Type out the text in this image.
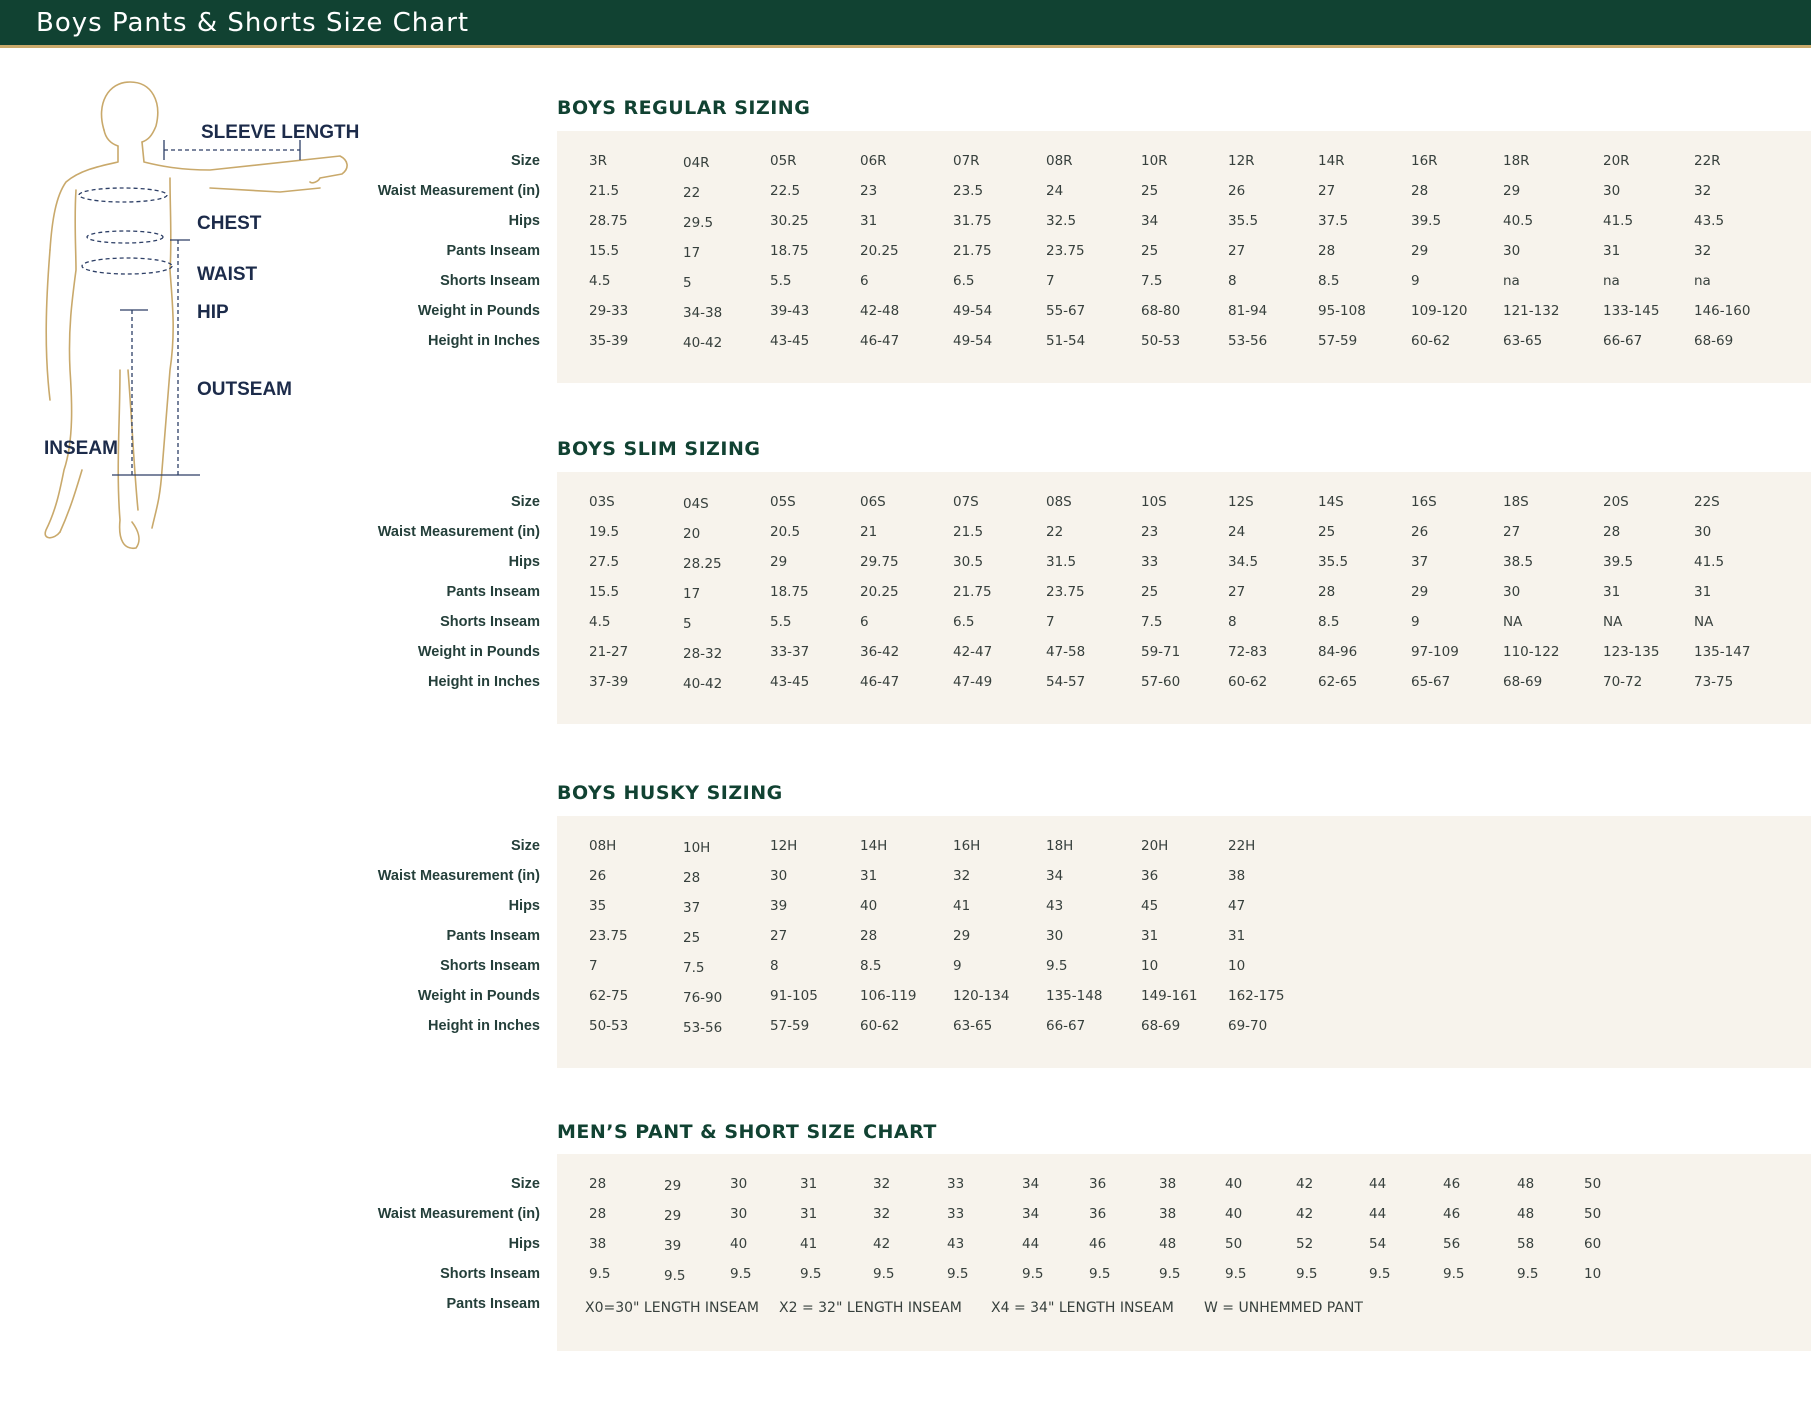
Boys Pants & Shorts Size Chart
SLEEVE LENGTH
CHEST
WAIST
HIP
OUTSEAM
INSEAM
BOYS REGULAR SIZING
Size	3R	04R	05R	06R	07R	08R	10R	12R	14R	16R	18R	20R	22R
Waist Measurement (in)	21.5	22	22.5	23	23.5	24	25	26	27	28	29	30	32
Hips	28.75	29.5	30.25	31	31.75	32.5	34	35.5	37.5	39.5	40.5	41.5	43.5
Pants Inseam	15.5	17	18.75	20.25	21.75	23.75	25	27	28	29	30	31	32
Shorts Inseam	4.5	5	5.5	6	6.5	7	7.5	8	8.5	9	na	na	na
Weight in Pounds	29-33	34-38	39-43	42-48	49-54	55-67	68-80	81-94	95-108	109-120	121-132	133-145	146-160
Height in Inches	35-39	40-42	43-45	46-47	49-54	51-54	50-53	53-56	57-59	60-62	63-65	66-67	68-69
BOYS SLIM SIZING
Size	03S	04S	05S	06S	07S	08S	10S	12S	14S	16S	18S	20S	22S
Waist Measurement (in)	19.5	20	20.5	21	21.5	22	23	24	25	26	27	28	30
Hips	27.5	28.25	29	29.75	30.5	31.5	33	34.5	35.5	37	38.5	39.5	41.5
Pants Inseam	15.5	17	18.75	20.25	21.75	23.75	25	27	28	29	30	31	31
Shorts Inseam	4.5	5	5.5	6	6.5	7	7.5	8	8.5	9	NA	NA	NA
Weight in Pounds	21-27	28-32	33-37	36-42	42-47	47-58	59-71	72-83	84-96	97-109	110-122	123-135	135-147
Height in Inches	37-39	40-42	43-45	46-47	47-49	54-57	57-60	60-62	62-65	65-67	68-69	70-72	73-75
BOYS HUSKY SIZING
Size	08H	10H	12H	14H	16H	18H	20H	22H
Waist Measurement (in)	26	28	30	31	32	34	36	38
Hips	35	37	39	40	41	43	45	47
Pants Inseam	23.75	25	27	28	29	30	31	31
Shorts Inseam	7	7.5	8	8.5	9	9.5	10	10
Weight in Pounds	62-75	76-90	91-105	106-119	120-134	135-148	149-161 162-175
Height in Inches	50-53	53-56	57-59	60-62	63-65	66-67	68-69	69-70
MEN’S PANT & SHORT SIZE CHART
Size	28	29	30	31	32	33	34	36	38	40	42	44	46	48	50
Waist Measurement (in)	28	29	30	31	32	33	34	36	38	40	42	44	46	48	50
Hips	38	39	40	41	42	43	44	46	48	50	52	54	56	58	60
Shorts Inseam	9.5	9.5	9.5	9.5	9.5	9.5	9.5	9.5	9.5	9.5	9.5	9.5	9.5	9.5	10
Pants Inseam	X0=30" LENGTH INSEAM X2 = 32" LENGTH INSEAM X4 = 34" LENGTH INSEAM W = UNHEMMED PANT
